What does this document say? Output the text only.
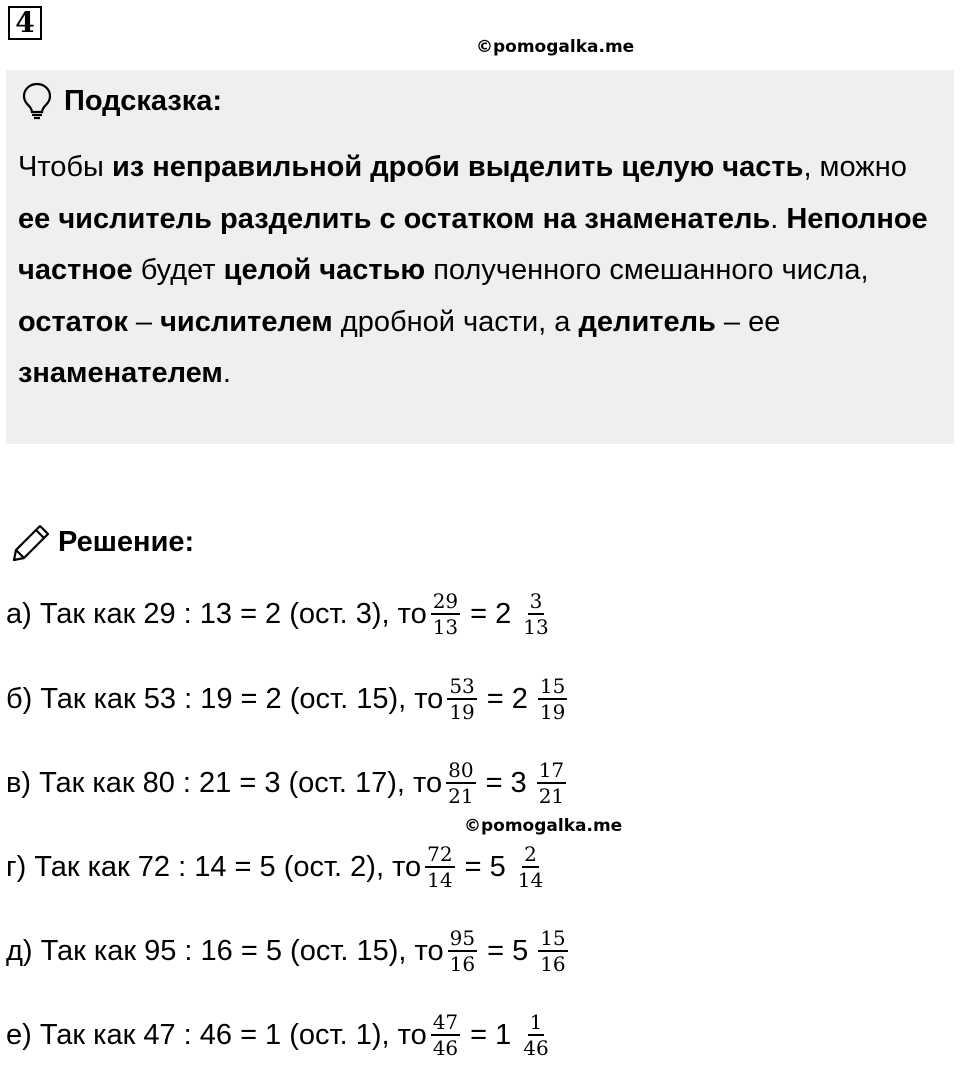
4
©pomogalka.me
Подсказка:
Чтобы из неправильной дроби выделить целую часть, можно ее числитель разделить с остатком на знаменатель. Неполное частное будет целой частью полученного смешанного числа, остаток – числителем дробной части, а делитель – ее знаменателем.
Решение:
а) Так как 29 : 13 = 2 (ост. 3), то $\frac{29}{13} = 2 \frac{3}{13}$
б) Так как 53 : 19 = 2 (ост. 15), то $\frac{53}{19} = 2 \frac{15}{19}$
в) Так как 80 : 21 = 3 (ост. 17), то $\frac{80}{21} = 3 \frac{17}{21}$
г) Так как 72 : 14 = 5 (ост. 2), то $\frac{72}{14} = 5 \frac{2}{14}$
д) Так как 95 : 16 = 5 (ост. 15), то $\frac{95}{16} = 5 \frac{15}{16}$
е) Так как 47 : 46 = 1 (ост. 1), то $\frac{47}{46} = 1 \frac{1}{46}$
©pomogalka.me
